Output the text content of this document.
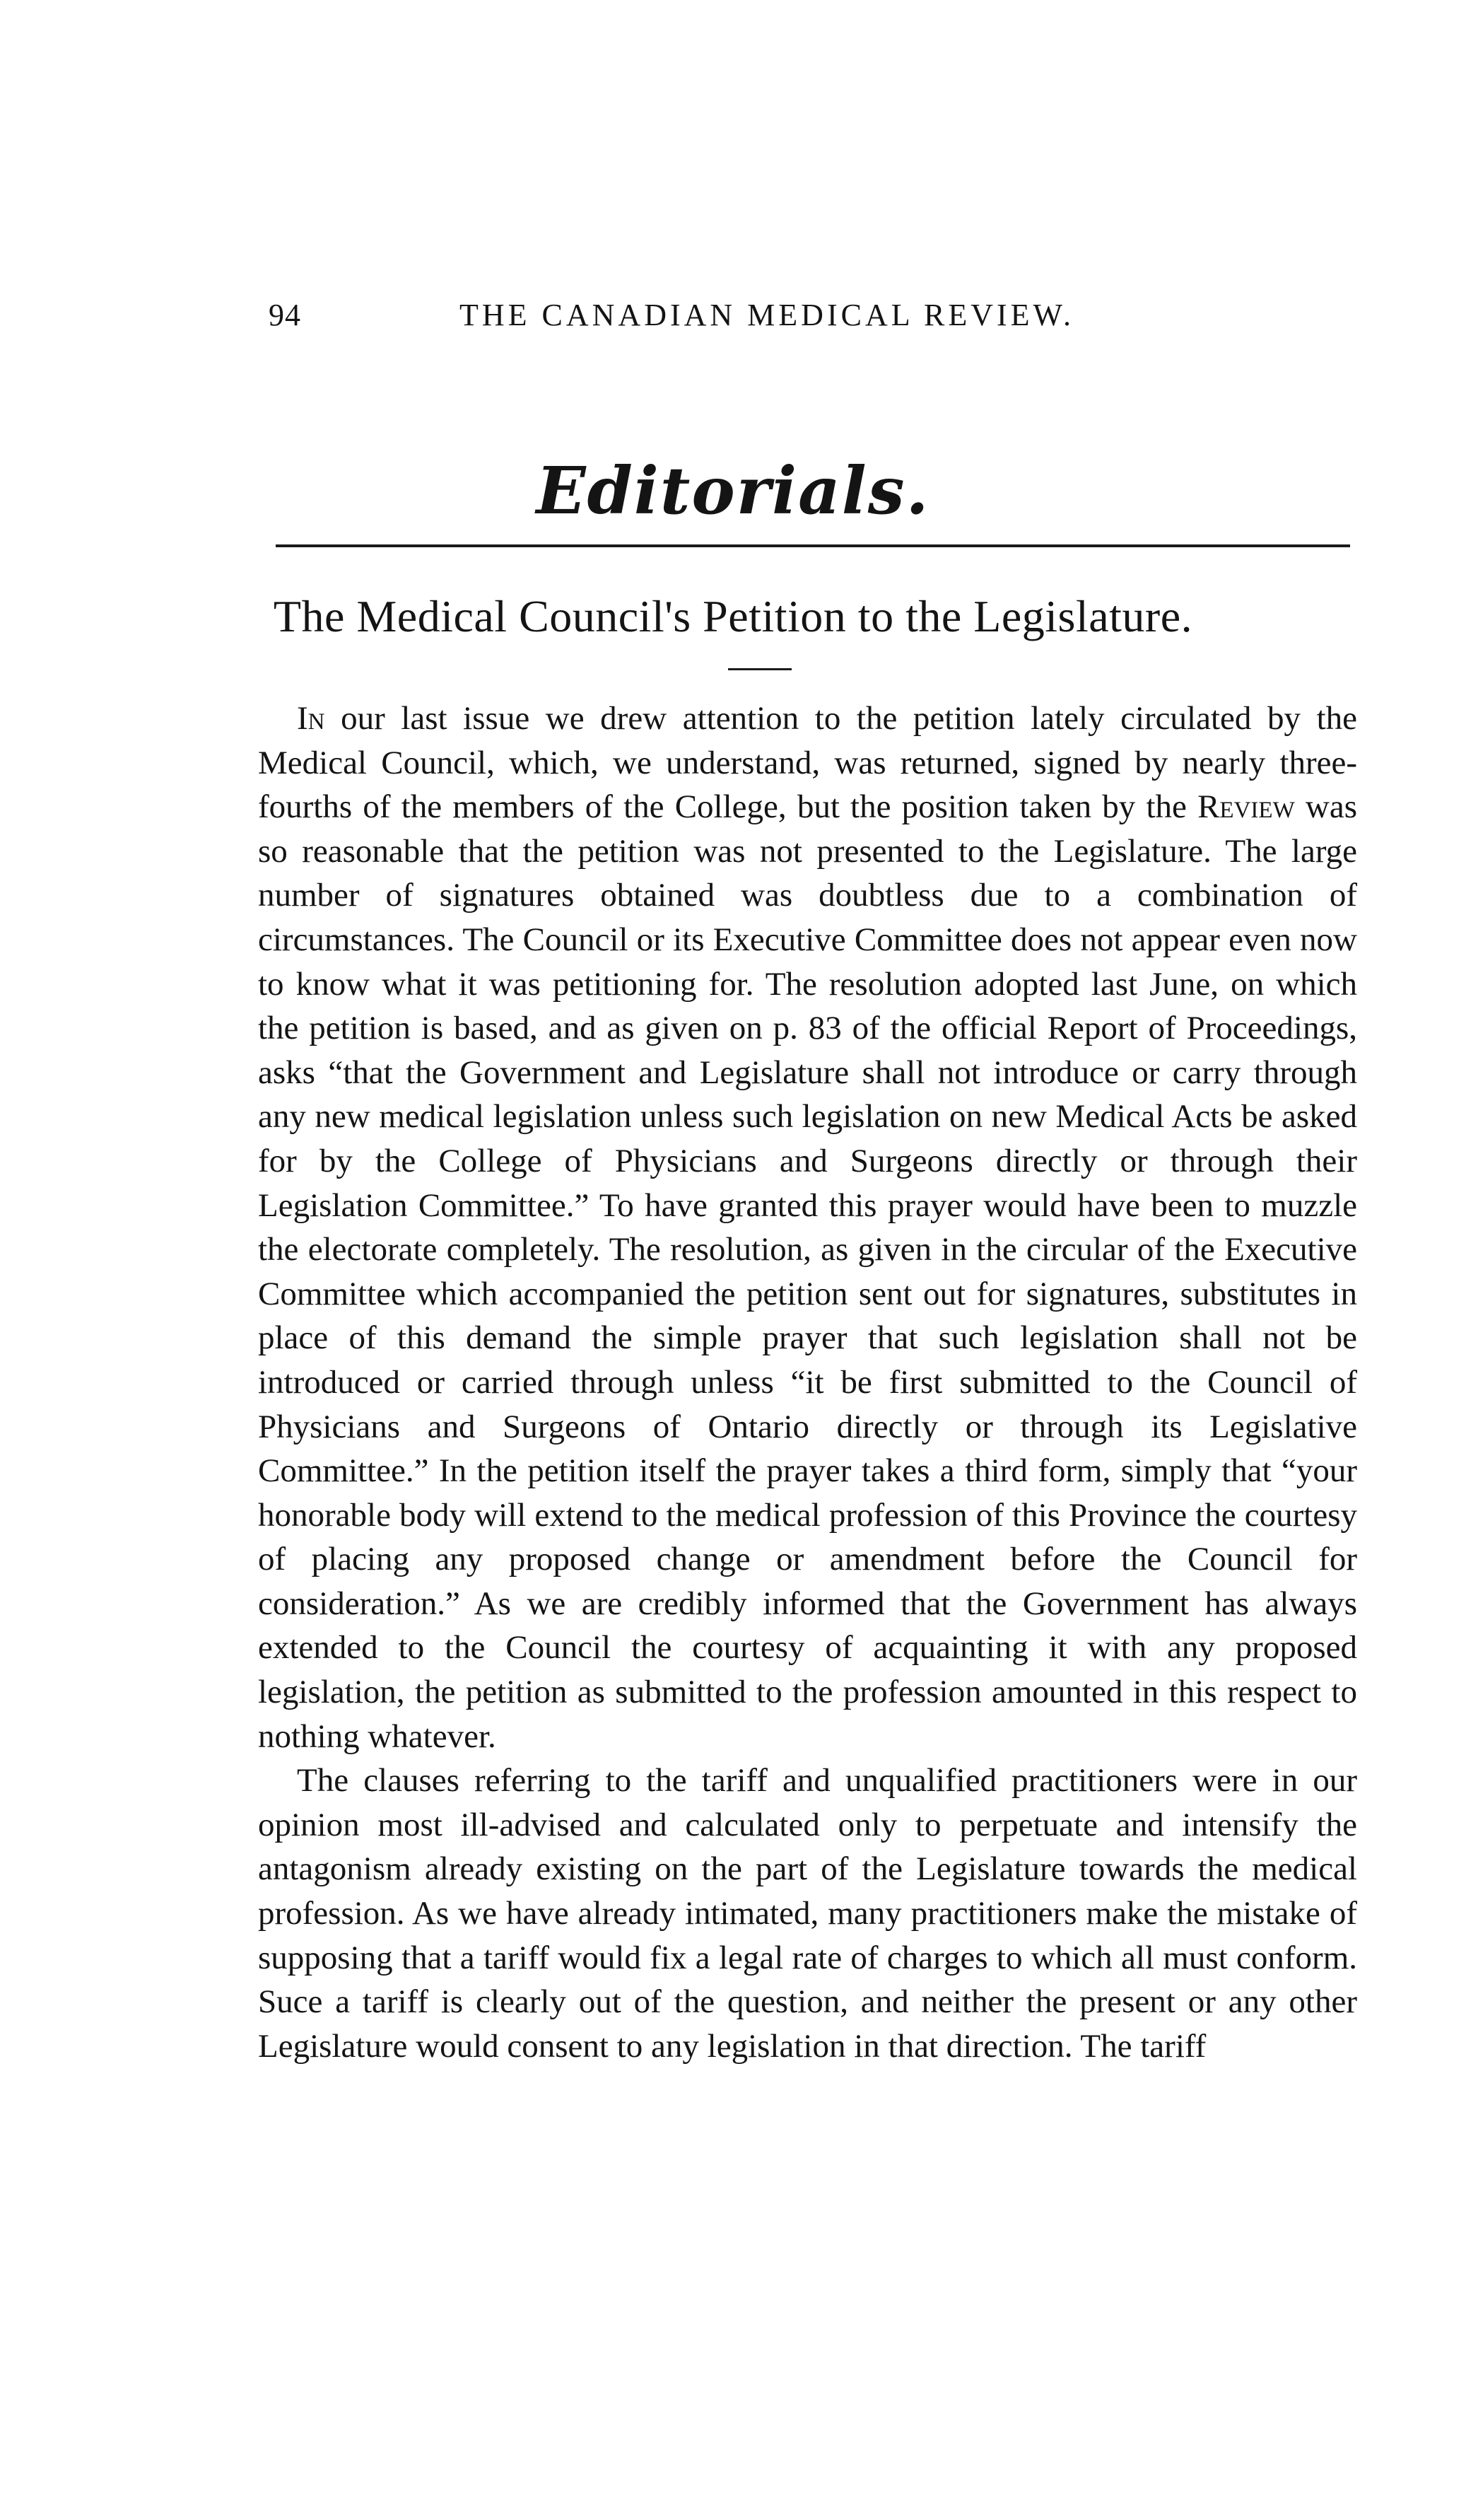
94	THE CANADIAN MEDICAL REVIEW.
Editorials.
The Medical Council's Petition to the Legislature.

In our last issue we drew attention to the petition lately circulated by the Medical Council, which, we understand, was returned, signed by nearly three-fourths of the members of the College, but the position taken by the Review was so reasonable that the petition was not presented to the Legislature. The large number of signatures obtained was doubtless due to a combination of circumstances. The Council or its Executive Committee does not appear even now to know what it was petitioning for. The resolution adopted last June, on which the petition is based, and as given on p. 83 of the official Report of Proceedings, asks “that the Government and Legislature shall not introduce or carry through any new medical legislation unless such legislation on new Medical Acts be asked for by the College of Physicians and Surgeons directly or through their Legislation Committee.” To have granted this prayer would have been to muzzle the electorate completely. The resolution, as given in the circular of the Executive Committee which accompanied the petition sent out for signatures, substitutes in place of this demand the simple prayer that such legislation shall not be introduced or carried through unless “it be first submitted to the Council of Physicians and Surgeons of Ontario directly or through its Legislative Committee.” In the petition itself the prayer takes a third form, simply that “your honorable body will extend to the medical profession of this Province the courtesy of placing any proposed change or amendment before the Council for consideration.” As we are credibly informed that the Government has always extended to the Council the courtesy of acquainting it with any proposed legislation, the petition as submitted to the profession amounted in this respect to nothing whatever.

The clauses referring to the tariff and unqualified practitioners were in our opinion most ill-advised and calculated only to perpetuate and intensify the antagonism already existing on the part of the Legislature towards the medical profession. As we have already intimated, many practitioners make the mistake of supposing that a tariff would fix a legal rate of charges to which all must conform. Suce a tariff is clearly out of the question, and neither the present or any other Legislature would consent to any legislation in that direction. The tariff
